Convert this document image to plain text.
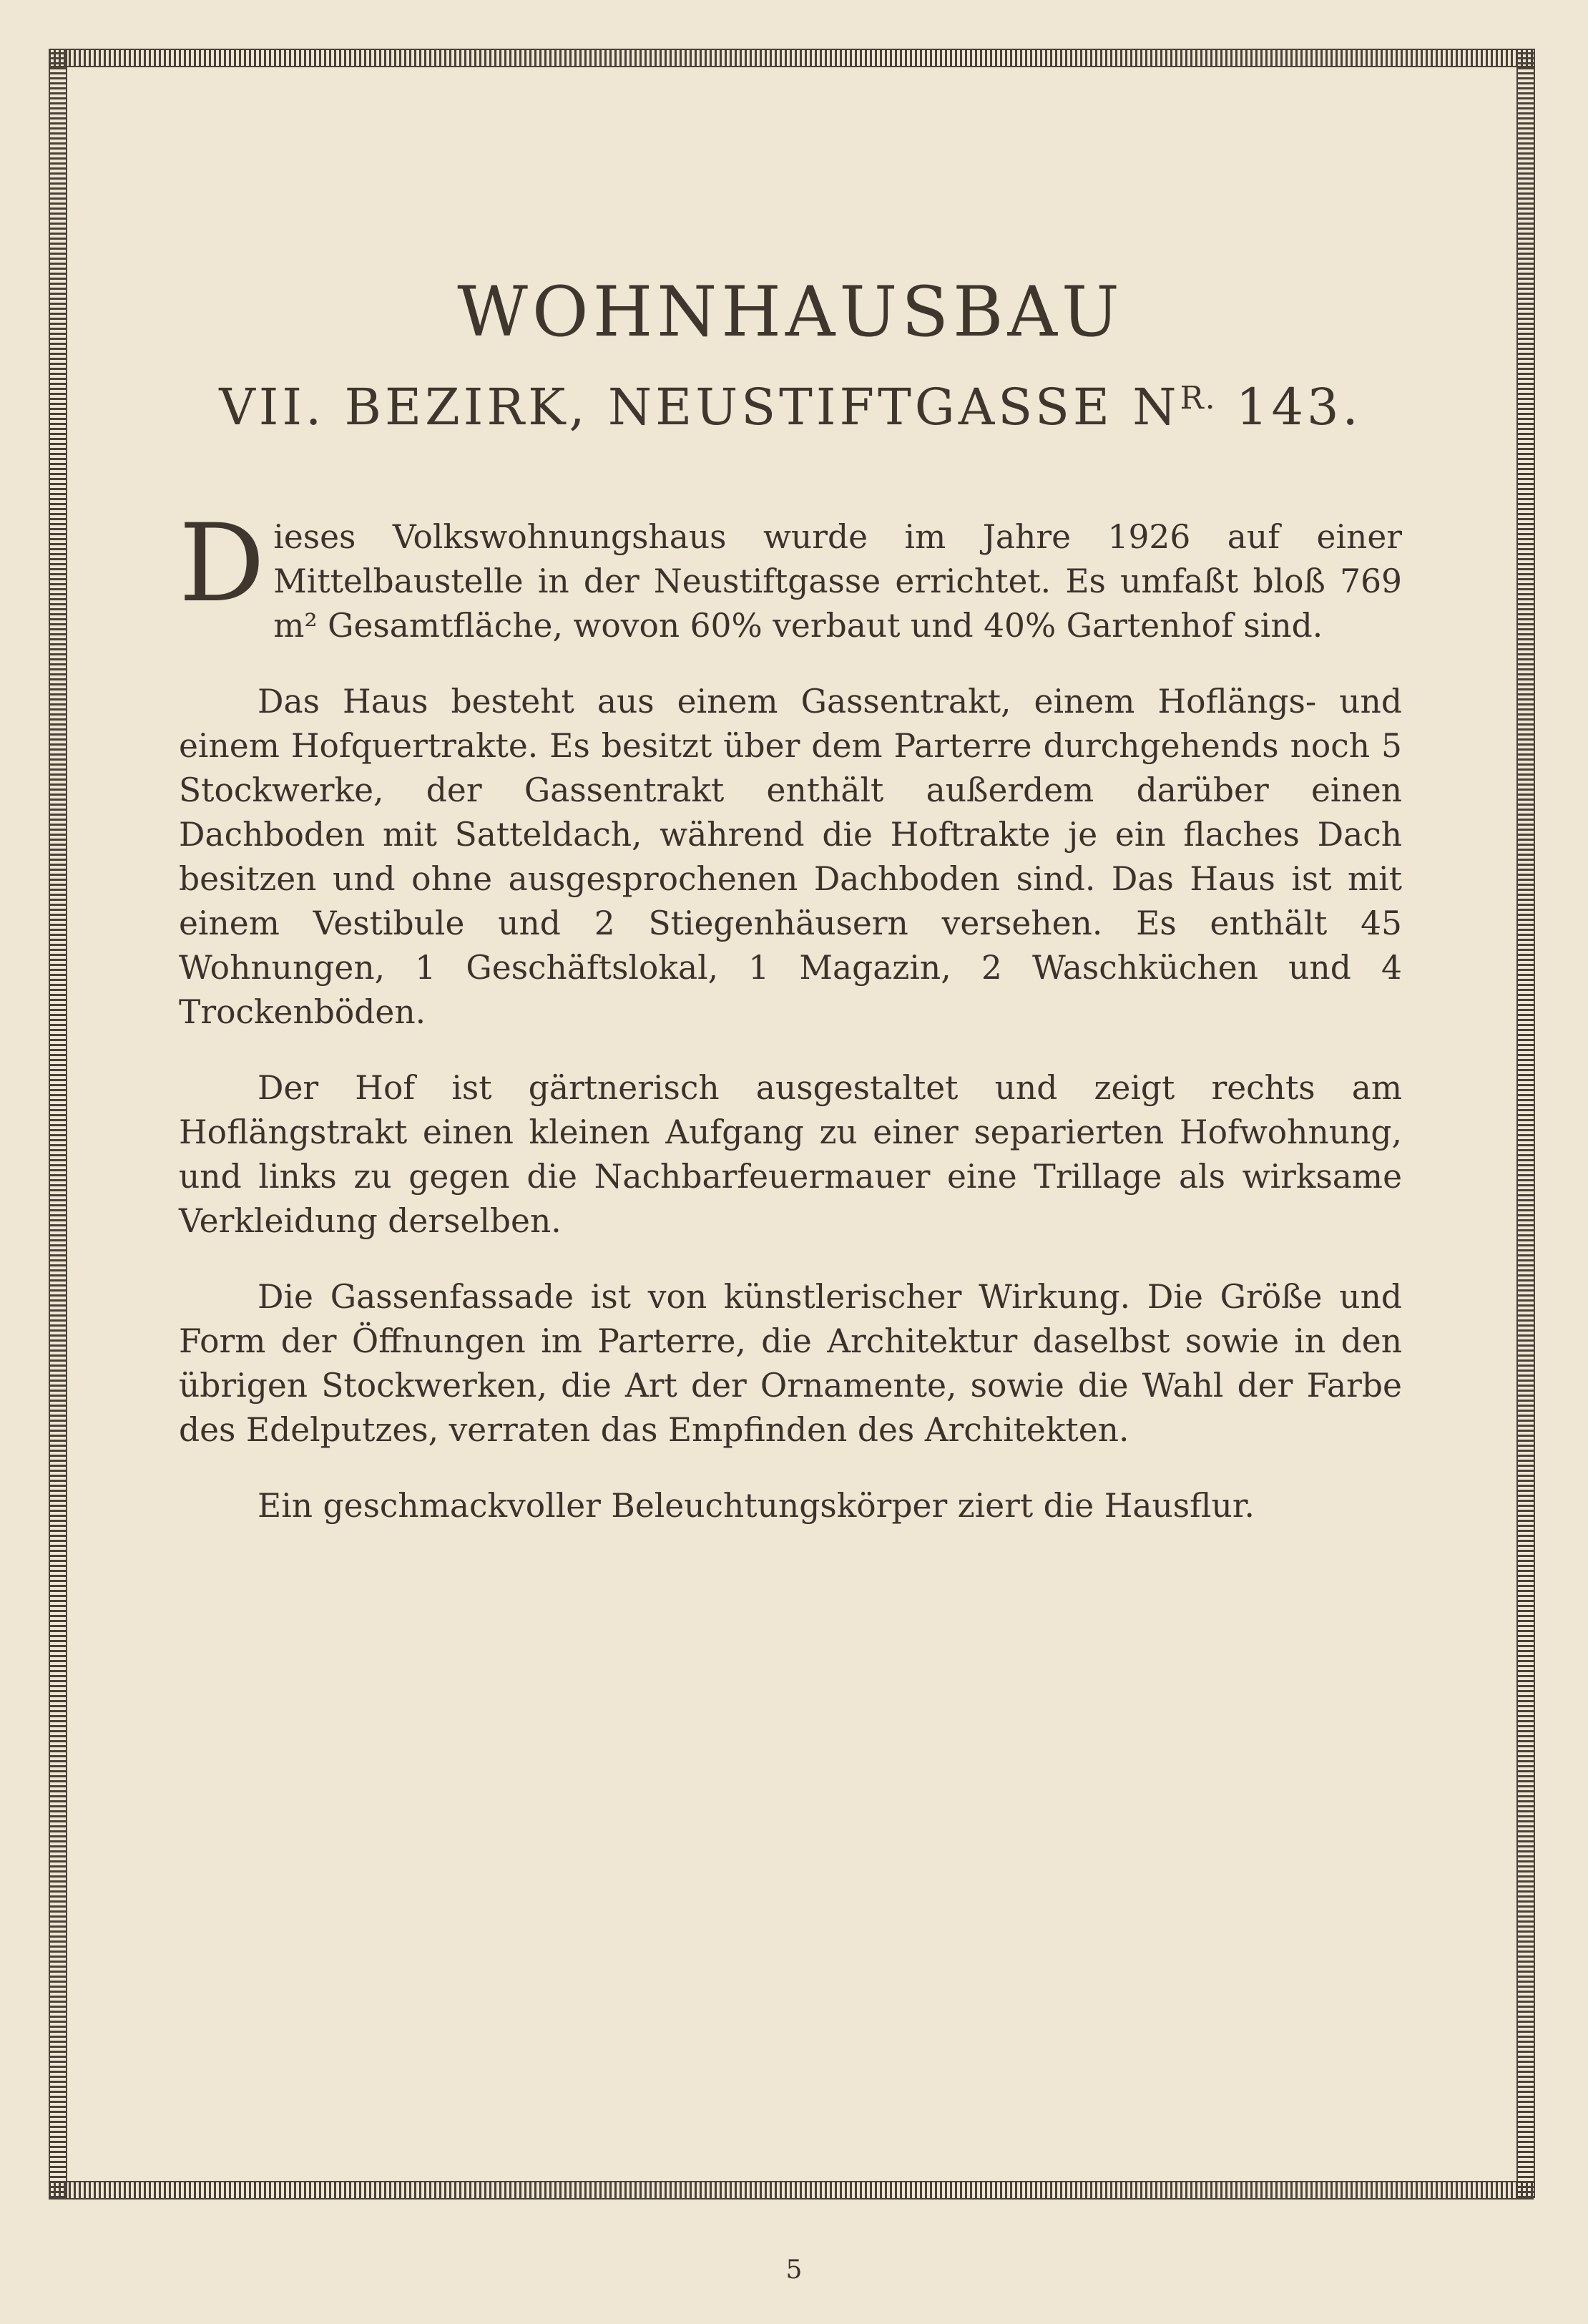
WOHNHAUSBAU
VII. BEZIRK, NEUSTIFTGASSE $N^{R.}$ 143.

Dieses Volkswohnungshaus wurde im Jahre 1926 auf einer Mittelbaustelle in der Neustiftgasse errichtet. Es umfaßt bloß 769 m² Gesamtfläche, wovon 60% verbaut und 40% Gartenhof sind.

Das Haus besteht aus einem Gassentrakt, einem Hoflängs- und einem Hofquertrakte. Es besitzt über dem Parterre durchgehends noch 5 Stockwerke, der Gassentrakt enthält außerdem darüber einen Dachboden mit Satteldach, während die Hoftrakte je ein flaches Dach besitzen und ohne ausgesprochenen Dachboden sind. Das Haus ist mit einem Vestibule und 2 Stiegenhäusern versehen. Es enthält 45 Wohnungen, 1 Geschäftslokal, 1 Magazin, 2 Waschküchen und 4 Trockenböden.

Der Hof ist gärtnerisch ausgestaltet und zeigt rechts am Hoflängstrakt einen kleinen Aufgang zu einer separierten Hofwohnung, und links zu gegen die Nachbarfeuermauer eine Trillage als wirksame Verkleidung derselben.

Die Gassenfassade ist von künstlerischer Wirkung. Die Größe und Form der Öffnungen im Parterre, die Architektur daselbst sowie in den übrigen Stockwerken, die Art der Ornamente, sowie die Wahl der Farbe des Edelputzes, verraten das Empfinden des Architekten.

Ein geschmackvoller Beleuchtungskörper ziert die Hausflur.

5
